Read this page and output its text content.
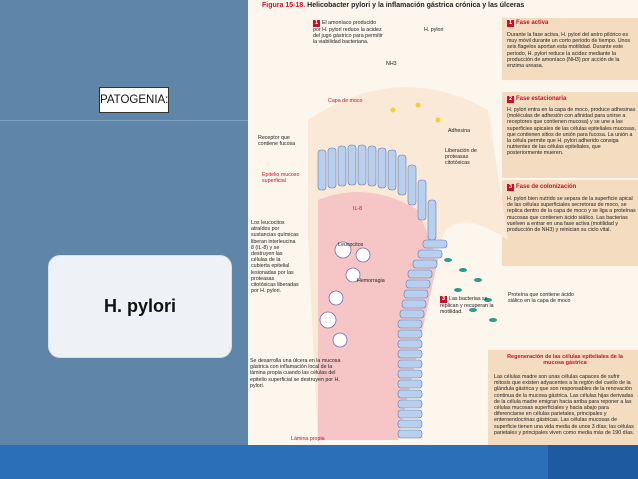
Figura 15-18. Helicobacter pylori y la inflamación gástrica crónica y las úlceras
1 El amoníaco producido por H. pylori reduce la acidez del jugo gástrico para permitir la viabilidad bacteriana.
H. pylori
NH3
Capa de moco
Adhesina
Receptor que contiene fucosa
Liberación de proteasas citotóxicas
Epitelio mucoso superficial
IL-8
Los leucocitos atraídos por sustancias químicas liberan interleucina 8 (IL-8) y se destruyen las células de la cubierta epitelial lesionadas por las proteasas citotóxicas liberadas por H. pylori.
Leucocitos
Hemorragia
3 Las bacterias se replican y recuperan la motilidad.
Proteína que contiene ácido siálico en la capa de moco
Se desarrolla una úlcera en la mucosa gástrica con inflamación local de la lámina propia cuando las células del epitelio superficial se destruyen por H. pylori.
Lámina propia
1 Fase activa
Durante la fase activa, H. pylori del antro pilórico es muy móvil durante un corto periodo de tiempo. Unos seis flagelos aportan esta motilidad. Durante este periodo, H. pylori reduce la acidez mediante la producción de amoníaco (NH3) por acción de la enzima ureasa.
2 Fase estacionaria
H. pylori entra en la capa de moco, produce adhesinas (moléculas de adhesión con afinidad para unirse a receptores que contienen mucosa) y se une a las superficies apicales de las células epiteliales mucosas, que contienen sitios de unión para fucosa. La unión a la célula permite que H. pylori adherido consiga nutrientes de las células epiteliales, que posteriormente mueren.
3 Fase de colonización
H. pylori bien nutrido se separa de la superficie apical de las células superficiales secretoras de moco, se replica dentro de la capa de moco y se liga a proteínas mucosas que contienen ácido siálico. Las bacterias vuelven a entrar en una fase activa (motilidad y producción de NH3) y reinician su ciclo vital.
Regeneración de las células epiteliales de la mucosa gástrica
Las células madre son unas células capaces de sufrir mitosis que existen adyacentes a la región del cuello de la glándula gástrica y que son responsables de la renovación continua de la mucosa gástrica. Las células hijas derivadas de la célula madre emigran hacia arriba para reponer a las células mucosas superficiales y hacia abajo para diferenciarse en células parietales, principales y enteroendocrinas gástricas. Las células mucosas de superficie tienen una vida media de unos 3 días; las células parietales y principales viven como media más de 190 días.
PATOGENIA:
H. pylori
